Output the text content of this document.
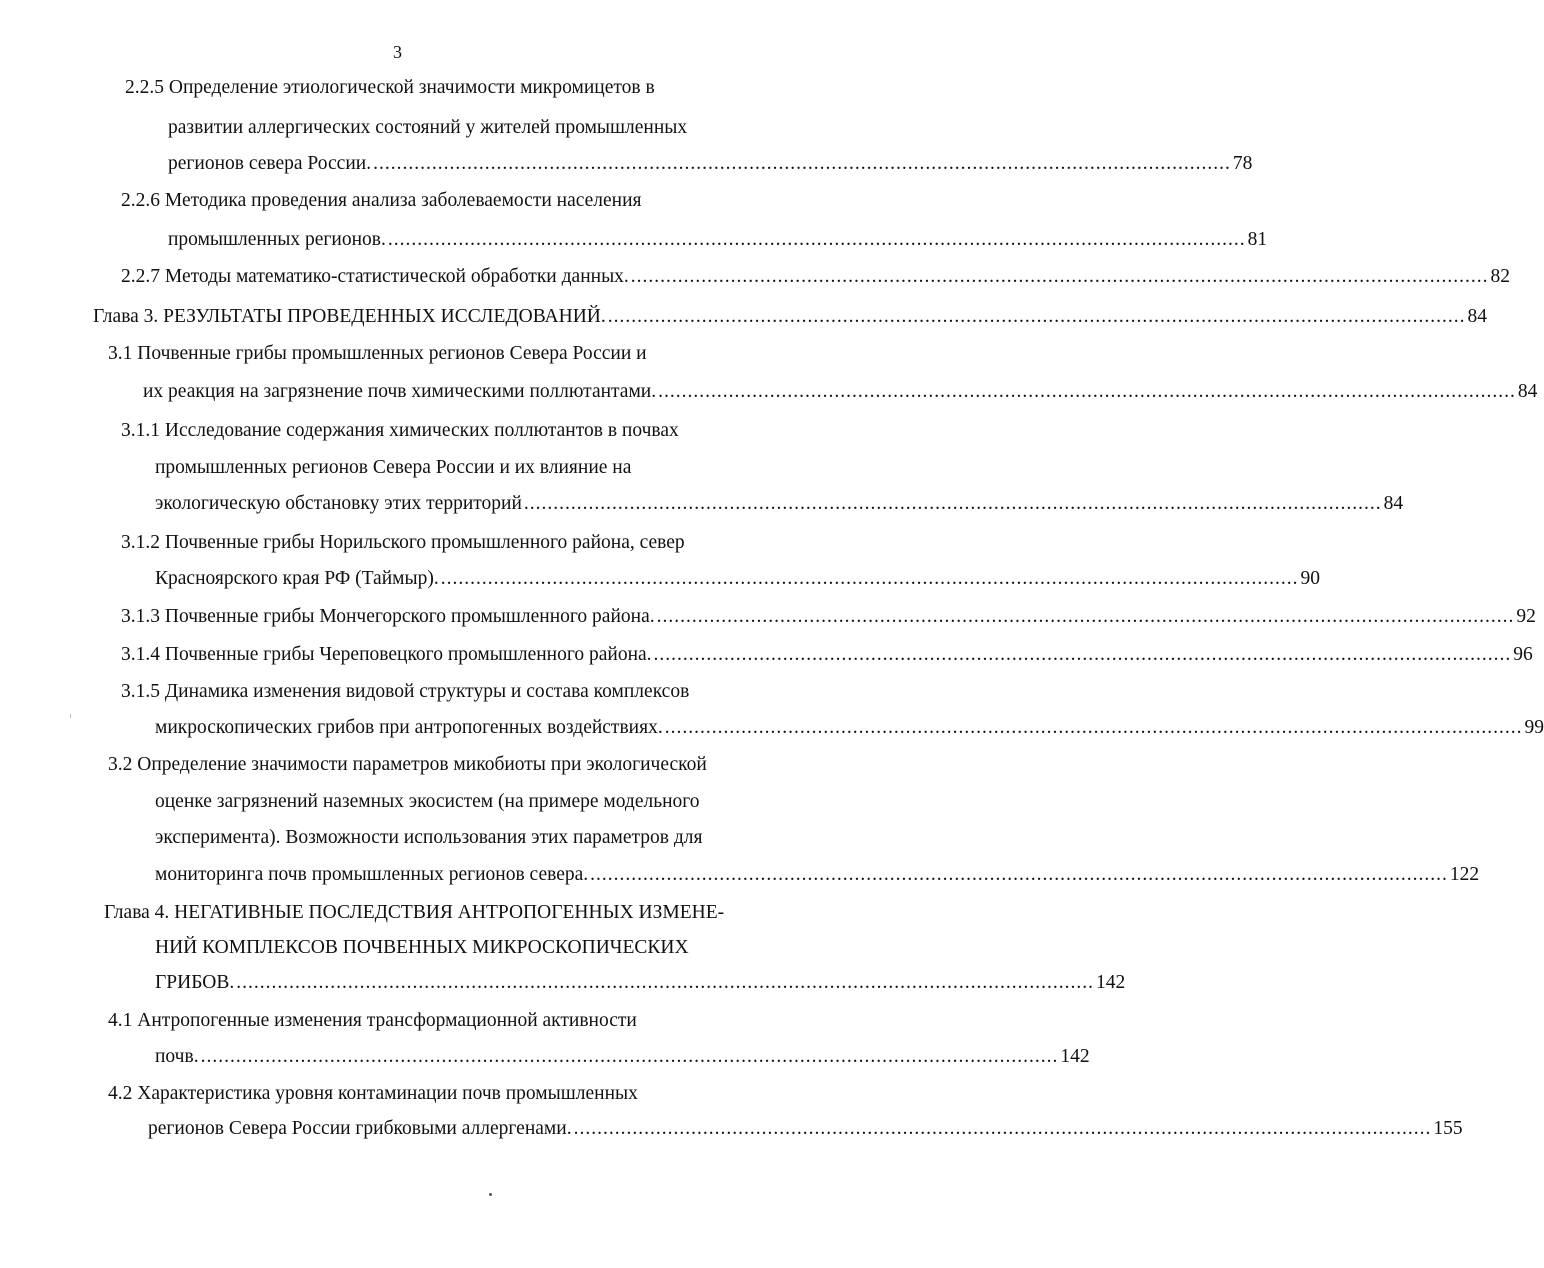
3
2.2.5 Определение этиологической значимости микромицетов в
развитии аллергических состояний у жителей промышленных
регионов севера России. .................................................................................................................................................. 78
2.2.6 Методика проведения анализа заболеваемости населения
промышленных регионов. .................................................................................................................................................. 81
2.2.7 Методы математико-статистической обработки данных. .................................................................................................................................................. 82
Глава 3. РЕЗУЛЬТАТЫ ПРОВЕДЕННЫХ ИССЛЕДОВАНИЙ. .................................................................................................................................................. 84
3.1 Почвенные грибы промышленных регионов Севера России и
их реакция на загрязнение почв химическими поллютантами. .................................................................................................................................................. 84
3.1.1 Исследование содержания химических поллютантов в почвах
промышленных регионов Севера России и их влияние на
экологическую обстановку этих территорий .................................................................................................................................................. 84
3.1.2 Почвенные грибы Норильского промышленного района, север
Красноярского края РФ (Таймыр). .................................................................................................................................................. 90
3.1.3 Почвенные грибы Мончегорского промышленного района. .................................................................................................................................................. 92
3.1.4 Почвенные грибы Череповецкого промышленного района. .................................................................................................................................................. 96
3.1.5 Динамика изменения видовой структуры и состава комплексов
микроскопических грибов при антропогенных воздействиях. .................................................................................................................................................. 99
3.2 Определение значимости параметров микобиоты при экологической
оценке загрязнений наземных экосистем (на примере модельного
эксперимента). Возможности использования этих параметров для
мониторинга почв промышленных регионов севера. .................................................................................................................................................. 122
Глава 4. НЕГАТИВНЫЕ ПОСЛЕДСТВИЯ АНТРОПОГЕННЫХ ИЗМЕНЕ-
НИЙ КОМПЛЕКСОВ ПОЧВЕННЫХ МИКРОСКОПИЧЕСКИХ
ГРИБОВ. .................................................................................................................................................. 142
4.1 Антропогенные изменения трансформационной активности
почв. .................................................................................................................................................. 142
4.2 Характеристика уровня контаминации почв промышленных
регионов Севера России грибковыми аллергенами. .................................................................................................................................................. 155
